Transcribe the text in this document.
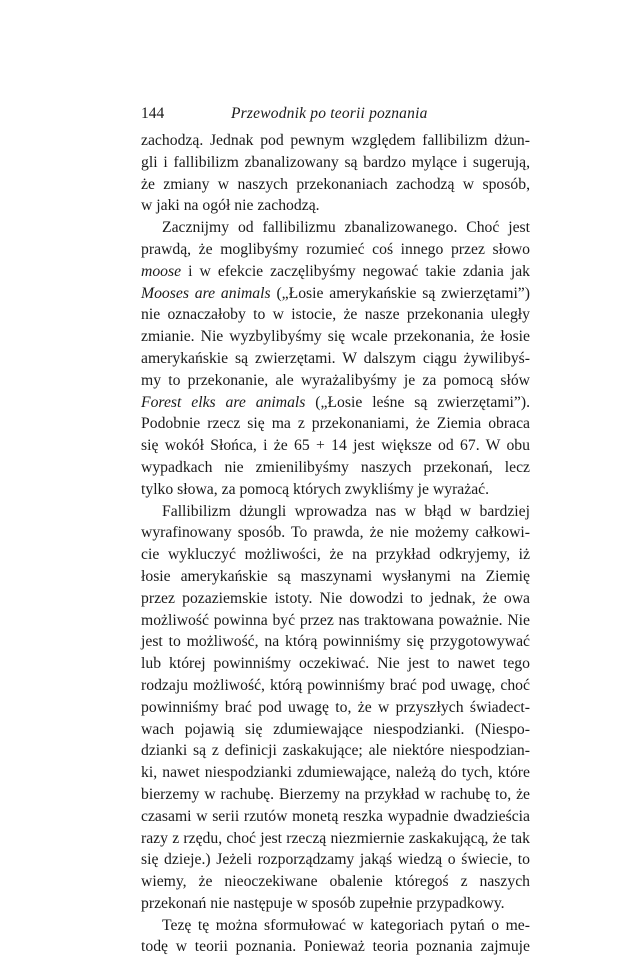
144	Przewodnik po teorii poznania
zachodzą. Jednak pod pewnym względem fallibilizm dżun-
gli i fallibilizm zbanalizowany są bardzo mylące i sugerują,
że zmiany w naszych przekonaniach zachodzą w sposób,
w jaki na ogół nie zachodzą.
Zacznijmy od fallibilizmu zbanalizowanego. Choć jest
prawdą, że moglibyśmy rozumieć coś innego przez słowo
moose i w efekcie zaczęlibyśmy negować takie zdania jak
Mooses are animals („Łosie amerykańskie są zwierzętami”)
nie oznaczałoby to w istocie, że nasze przekonania uległy
zmianie. Nie wyzbylibyśmy się wcale przekonania, że łosie
amerykańskie są zwierzętami. W dalszym ciągu żywilibyś-
my to przekonanie, ale wyrażalibyśmy je za pomocą słów
Forest elks are animals („Łosie leśne są zwierzętami”).
Podobnie rzecz się ma z przekonaniami, że Ziemia obraca
się wokół Słońca, i że 65 + 14 jest większe od 67. W obu
wypadkach nie zmienilibyśmy naszych przekonań, lecz
tylko słowa, za pomocą których zwykliśmy je wyrażać.
Fallibilizm dżungli wprowadza nas w błąd w bardziej
wyrafinowany sposób. To prawda, że nie możemy całkowi-
cie wykluczyć możliwości, że na przykład odkryjemy, iż
łosie amerykańskie są maszynami wysłanymi na Ziemię
przez pozaziemskie istoty. Nie dowodzi to jednak, że owa
możliwość powinna być przez nas traktowana poważnie. Nie
jest to możliwość, na którą powinniśmy się przygotowywać
lub której powinniśmy oczekiwać. Nie jest to nawet tego
rodzaju możliwość, którą powinniśmy brać pod uwagę, choć
powinniśmy brać pod uwagę to, że w przyszłych świadect-
wach pojawią się zdumiewające niespodzianki. (Niespo-
dzianki są z definicji zaskakujące; ale niektóre niespodzian-
ki, nawet niespodzianki zdumiewające, należą do tych, które
bierzemy w rachubę. Bierzemy na przykład w rachubę to, że
czasami w serii rzutów monetą reszka wypadnie dwadzieścia
razy z rzędu, choć jest rzeczą niezmiernie zaskakującą, że tak
się dzieje.) Jeżeli rozporządzamy jakąś wiedzą o świecie, to
wiemy, że nieoczekiwane obalenie któregoś z naszych
przekonań nie następuje w sposób zupełnie przypadkowy.
Tezę tę można sformułować w kategoriach pytań o me-
todę w teorii poznania. Ponieważ teoria poznania zajmuje
